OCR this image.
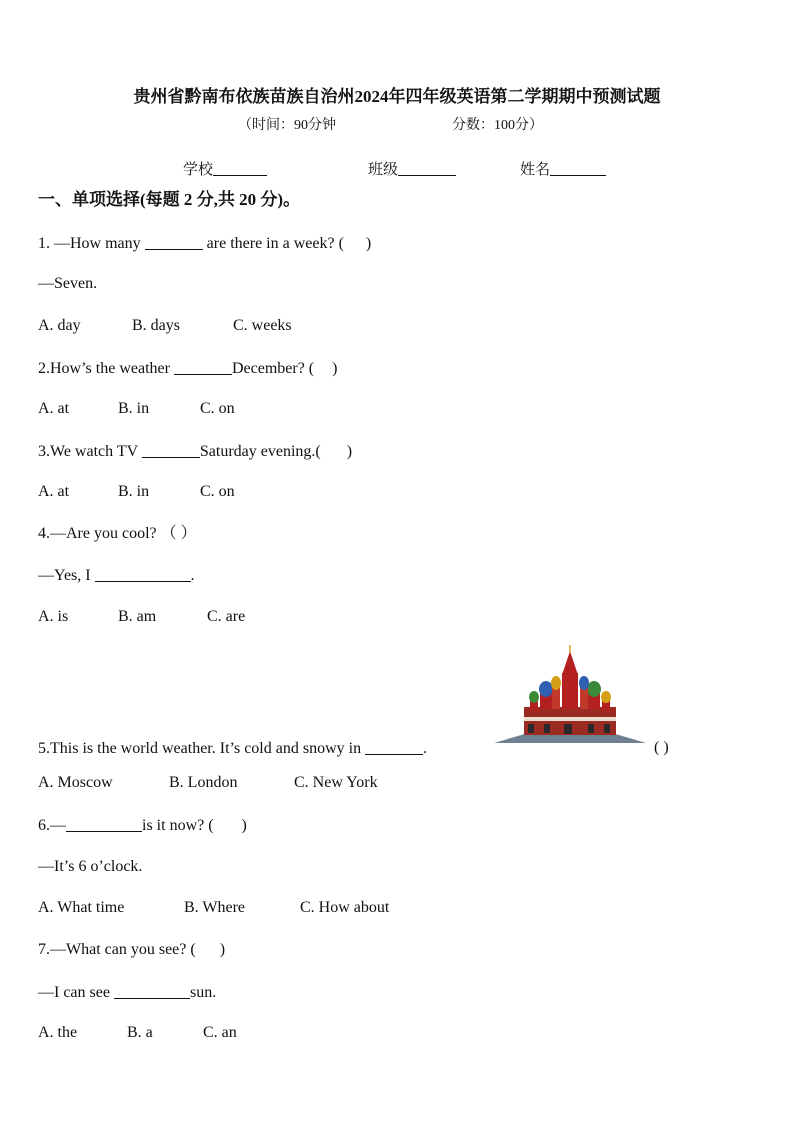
贵州省黔南布依族苗族自治州2024年四年级英语第二学期期中预测试题
（时间：90分钟	分数：100分）
学校	班级	姓名
一、单项选择(每题 2 分,共 20 分)。
1. —How many	are there in a week? ( )
—Seven.
A. day	B. days	C. weeks
2.How’s the weather	December? ( )
A. at	B. in	C. on
3.We watch TV	Saturday evening.( )
A. at	B. in	C. on
4.—Are you cool? （ ）
—Yes, I	.
A. is	B. am	C. are
5.This is the world weather. It’s cold and snowy in	.	( )
A. Moscow	B. London	C. New York
6.—	is it now? ( )
—It’s 6 o’clock.
A. What time	B. Where	C. How about
7.—What can you see? ( )
—I can see	sun.
A. the	B. a	C. an
